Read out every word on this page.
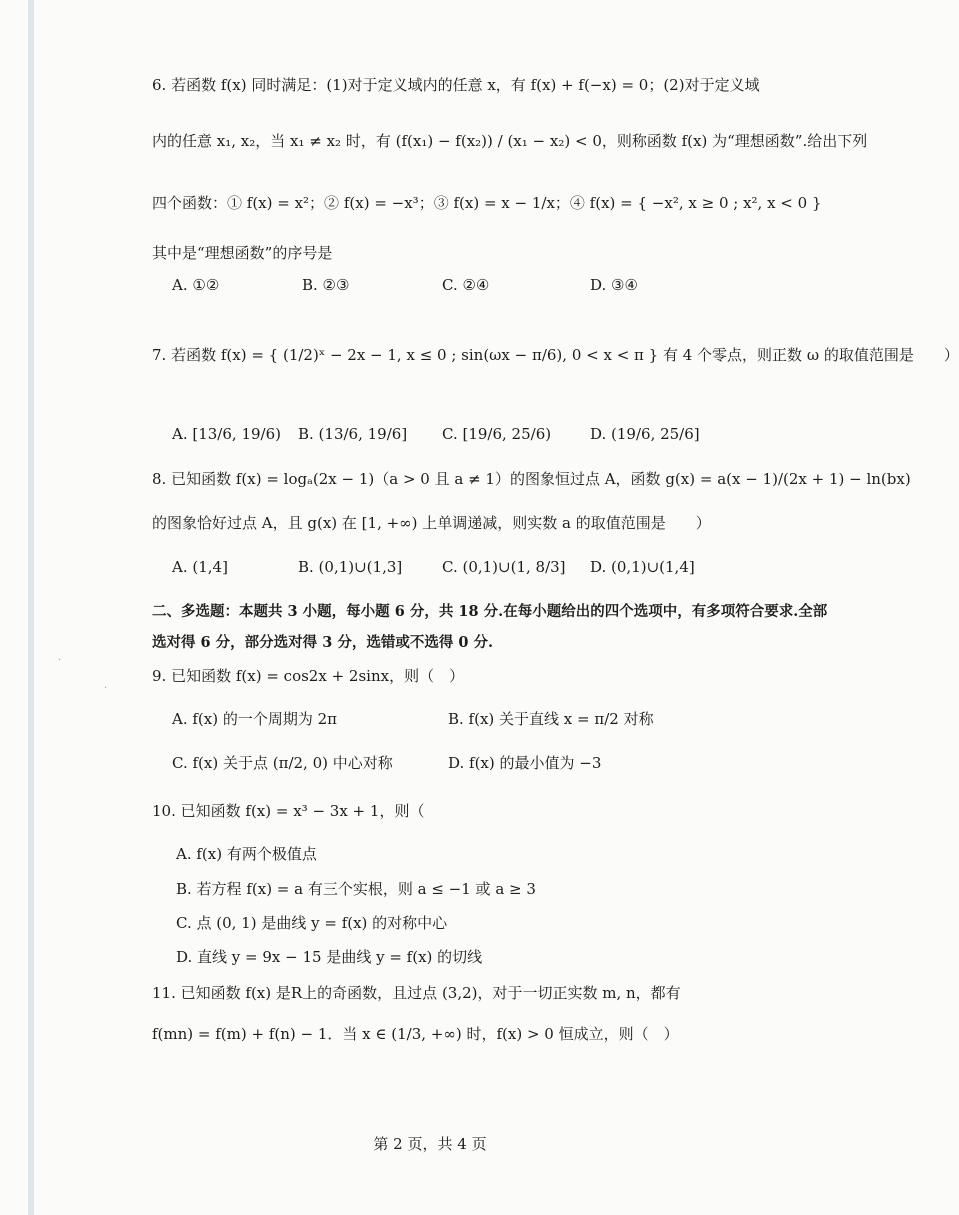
6. 若函数 f(x) 同时满足：(1)对于定义域内的任意 x，有 f(x) + f(−x) = 0；(2)对于定义域
内的任意 x₁, x₂，当 x₁ ≠ x₂ 时，有 (f(x₁) − f(x₂)) / (x₁ − x₂) < 0，则称函数 f(x) 为“理想函数”.给出下列
四个函数：① f(x) = x²；② f(x) = −x³；③ f(x) = x − 1/x；④ f(x) = { −x², x ≥ 0 ; x², x < 0 }
其中是“理想函数”的序号是
A. ①②	B. ②③	C. ②④	D. ③④
7. 若函数 f(x) = { (1/2)ˣ − 2x − 1, x ≤ 0 ; sin(ωx − π/6), 0 < x < π } 有 4 个零点，则正数 ω 的取值范围是　　）
A. [13/6, 19/6) B. (13/6, 19/6] C. [19/6, 25/6)	D. (19/6, 25/6]
8. 已知函数 f(x) = logₐ(2x − 1)（a > 0 且 a ≠ 1）的图象恒过点 A，函数 g(x) = a(x − 1)/(2x + 1) − ln(bx)
的图象恰好过点 A，且 g(x) 在 [1, +∞) 上单调递减，则实数 a 的取值范围是　　）
A. (1,4]	B. (0,1)∪(1,3]	C. (0,1)∪(1, 8/3] D. (0,1)∪(1,4]
二、多选题：本题共 3 小题，每小题 6 分，共 18 分.在每小题给出的四个选项中，有多项符合要求.全部
选对得 6 分，部分选对得 3 分，选错或不选得 0 分.
9. 已知函数 f(x) = cos2x + 2sinx，则（　）
A. f(x) 的一个周期为 2π	B. f(x) 关于直线 x = π/2 对称
C. f(x) 关于点 (π/2, 0) 中心对称	D. f(x) 的最小值为 −3
10. 已知函数 f(x) = x³ − 3x + 1，则（
A. f(x) 有两个极值点
B. 若方程 f(x) = a 有三个实根，则 a ≤ −1 或 a ≥ 3
C. 点 (0, 1) 是曲线 y = f(x) 的对称中心
D. 直线 y = 9x − 15 是曲线 y = f(x) 的切线
11. 已知函数 f(x) 是R上的奇函数，且过点 (3,2)，对于一切正实数 m, n，都有
f(mn) = f(m) + f(n) − 1．当 x ∈ (1/3, +∞) 时，f(x) > 0 恒成立，则（　）
·
·
第 2 页，共 4 页
